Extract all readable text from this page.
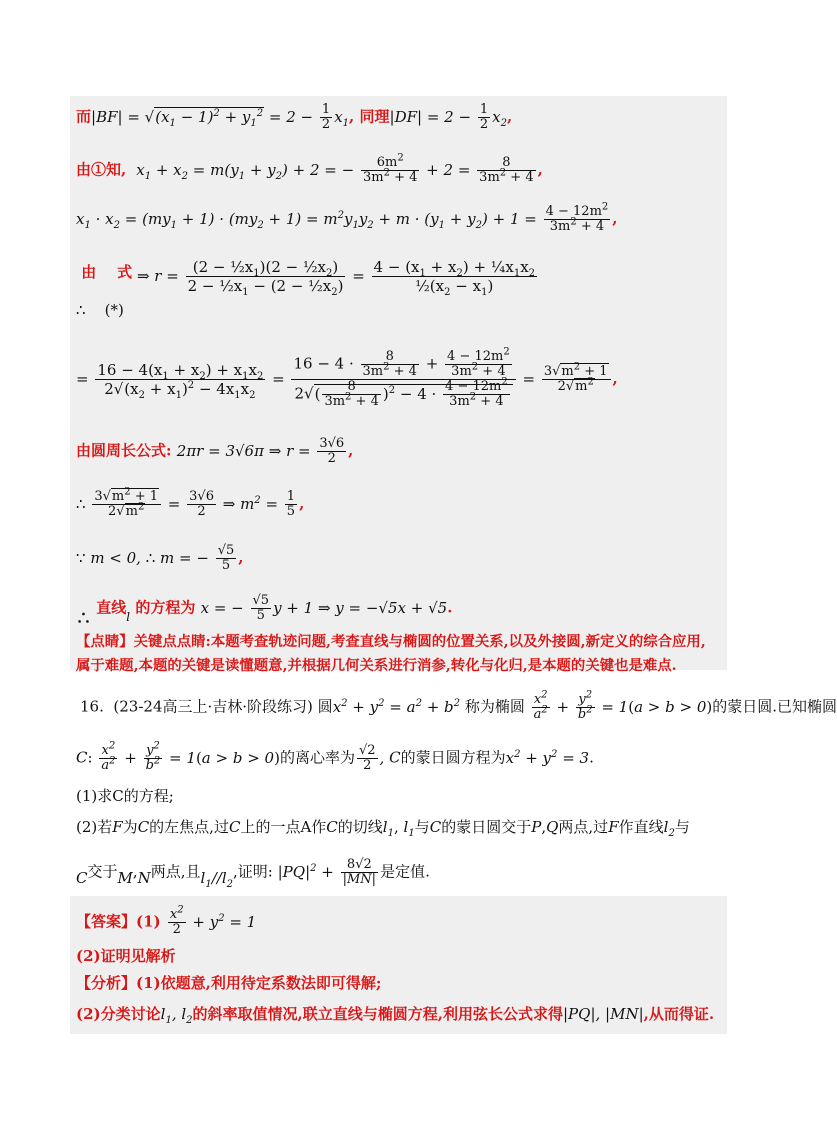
而$|BF| = √(x_1 - 1)^2 + y_1^2 = 2 - \frac{1}{2} x_1$, 同理$|DF| = 2 - \frac{1}{2} x_2$,
由①知,  $x_1 + x_2 = m(y_1 + y_2) + 2$ = − $\frac{6m^2}{3m^2 + 4} + 2 = \frac{8}{3m^2 + 4}$ ,
$x_1 \cdot x_2 = (my_1 + 1) \cdot (my_2 + 1) = m^2y_1y_2 + m \cdot (y_1 + y_2) + 1 = \frac{4 - 12m^2}{3m^2 + 4}$ ,
由 式 ⇒ $r = \frac{(2 - \frac{1}{2}x_1)(2 - \frac{1}{2}x_2)}{2 - \frac{1}{2}x_1 - (2 - \frac{1}{2}x_2)} = \frac{4 - (x_1 + x_2) + \frac{1}{4}x_1x_2}{\frac{1}{2}(x_2 - x_1)}$
∴ (*)
= $\frac{16 - 4(x_1 + x_2) + x_1x_2}{2√(x_2 + x_1)^2 - 4x_1x_2} = \frac{16 - 4 \cdot \frac{8}{3m^2 + 4} + \frac{4 - 12m^2}{3m^2 + 4}}{2√( \frac{8}{3m^2 + 4} )^2 - 4 \cdot \frac{4 - 12m^2}{3m^2 + 4}} = \frac{3√m^2 + 1}{2√m^2}$ ,
由圆周长公式: 2πr = 3√6π ⇒ $r = \frac{3√6}{2}$ ,
∴ $\frac{3√m^2 + 1}{2√m^2} = \frac{3√6}{2}$ ⇒ $m^2 = \frac{1}{5}$ ,
∵ m < 0, ∴ m = − $\frac{√5}{5}$ ,
∴ 直线$_l$ 的方程为 x = − $\frac{√5}{5}$ y + 1 ⇒ y = −√5x + √5.
【点睛】关键点点睛:本题考查轨迹问题,考查直线与椭圆的位置关系,以及外接圆,新定义的综合应用,
属于难题,本题的关键是读懂题意,并根据几何关系进行消参,转化与化归,是本题的关键也是难点.
16. (23-24高三上·吉林·阶段练习) 圆$x^2 + y^2 = a^2 + b^2$ 称为椭圆 $\frac{x^2}{a^2} + \frac{y^2}{b^2} = 1(a > b > 0)$的蒙日圆.已知椭圆
C: $\frac{x^2}{a^2} + \frac{y^2}{b^2} = 1(a > b > 0)$的离心率为 $\frac{√2}{2}$ , C的蒙日圆方程为$x^2 + y^2 = 3$.
(1)求C的方程;
(2)若F为C的左焦点,过C上的一点A作C的切线$l_1$, $l_1$与C的蒙日圆交于P,Q两点,过F作直线$l_2$与
C交于M,N两点,且$l_1//l_2$,证明: $|PQ|^2 + \frac{8√2}{|MN|}$ 是定值.
【答案】$(1) \frac{x^2}{2} + y^2 = 1$
(2)证明见解析
【分析】(1)依题意,利用待定系数法即可得解;
(2)分类讨论$l_1$, $l_2$的斜率取值情况,联立直线与椭圆方程,利用弦长公式求得|PQ|, |MN|,从而得证.
